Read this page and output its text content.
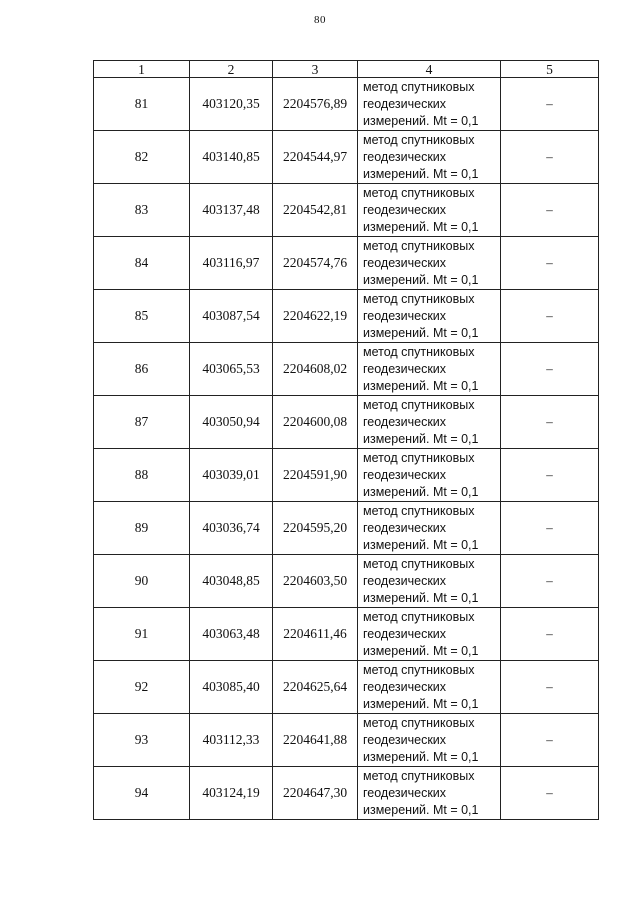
80
1	2	3	4	5
81	403120,35	2204576,89	метод спутниковых
геодезических
измерений. Mt = 0,1	–
82	403140,85	2204544,97	метод спутниковых
геодезических
измерений. Mt = 0,1	–
83	403137,48	2204542,81	метод спутниковых
геодезических
измерений. Mt = 0,1	–
84	403116,97	2204574,76	метод спутниковых
геодезических
измерений. Mt = 0,1	–
85	403087,54	2204622,19	метод спутниковых
геодезических
измерений. Mt = 0,1	–
86	403065,53	2204608,02	метод спутниковых
геодезических
измерений. Mt = 0,1	–
87	403050,94	2204600,08	метод спутниковых
геодезических
измерений. Mt = 0,1	–
88	403039,01	2204591,90	метод спутниковых
геодезических
измерений. Mt = 0,1	–
89	403036,74	2204595,20	метод спутниковых
геодезических
измерений. Mt = 0,1	–
90	403048,85	2204603,50	метод спутниковых
геодезических
измерений. Mt = 0,1	–
91	403063,48	2204611,46	метод спутниковых
геодезических
измерений. Mt = 0,1	–
92	403085,40	2204625,64	метод спутниковых
геодезических
измерений. Mt = 0,1	–
93	403112,33	2204641,88	метод спутниковых
геодезических
измерений. Mt = 0,1	–
94	403124,19	2204647,30	метод спутниковых
геодезических
измерений. Mt = 0,1	–
